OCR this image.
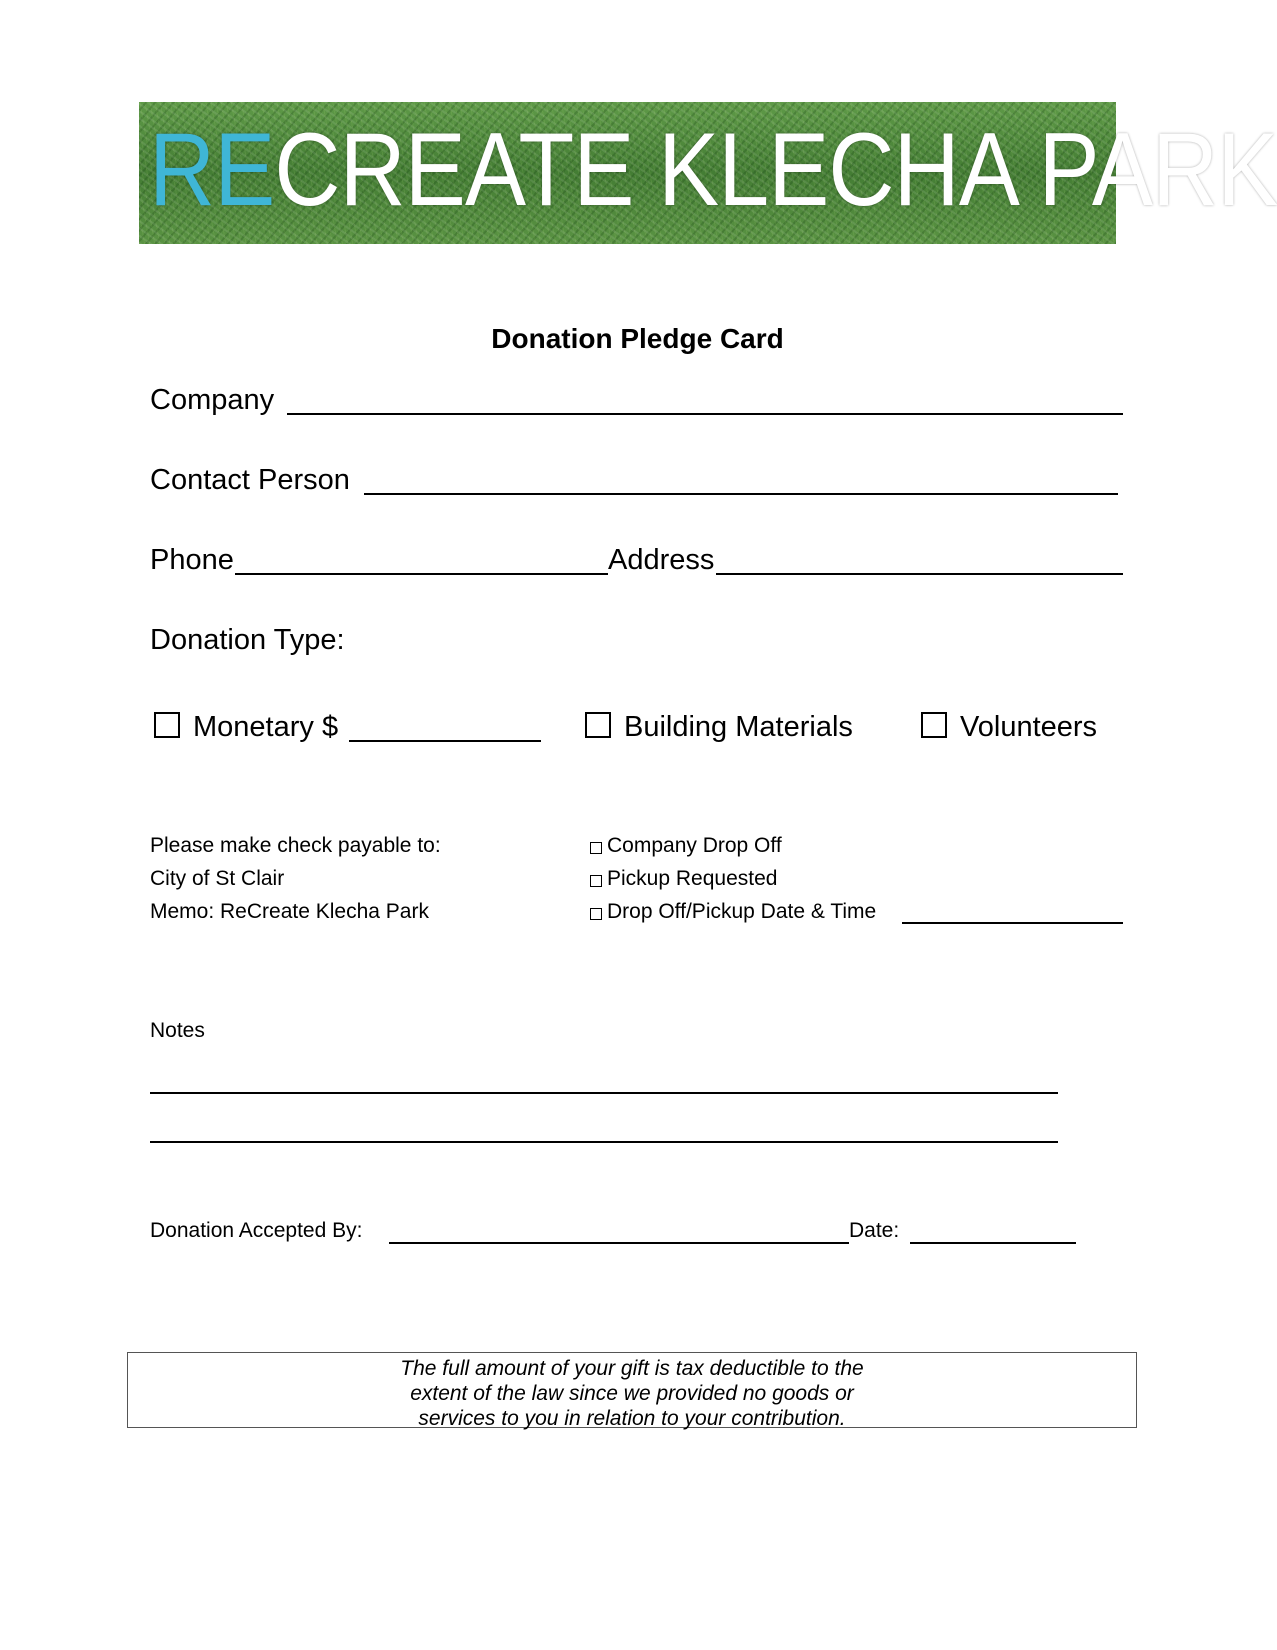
RECREATE KLECHA PARK
Donation Pledge Card
Company
Contact Person
Phone	Address
Donation Type:
Monetary $	Building Materials	Volunteers
Please make check payable to:
City of St Clair
Memo: ReCreate Klecha Park
Company Drop Off
Pickup Requested
Drop Off/Pickup Date & Time
Notes
Donation Accepted By:	Date:
The full amount of your gift is tax deductible to the
extent of the law since we provided no goods or
services to you in relation to your contribution.
